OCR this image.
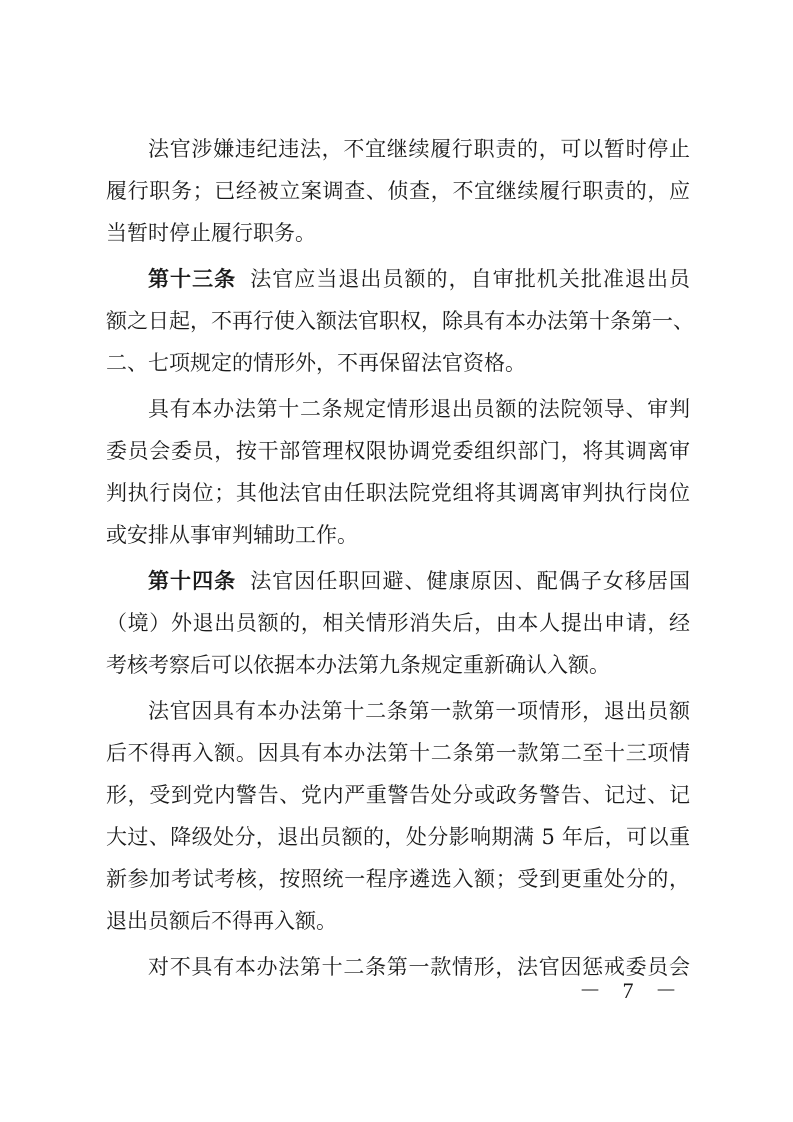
法官涉嫌违纪违法，不宜继续履行职责的，可以暂时停止
履行职务；已经被立案调查、侦查，不宜继续履行职责的，应
当暂时停止履行职务。
第十三条 法官应当退出员额的，自审批机关批准退出员
额之日起，不再行使入额法官职权，除具有本办法第十条第一、
二、七项规定的情形外，不再保留法官资格。
具有本办法第十二条规定情形退出员额的法院领导、审判
委员会委员，按干部管理权限协调党委组织部门，将其调离审
判执行岗位；其他法官由任职法院党组将其调离审判执行岗位
或安排从事审判辅助工作。
第十四条 法官因任职回避、健康原因、配偶子女移居国
（境）外退出员额的，相关情形消失后，由本人提出申请，经
考核考察后可以依据本办法第九条规定重新确认入额。
法官因具有本办法第十二条第一款第一项情形，退出员额
后不得再入额。因具有本办法第十二条第一款第二至十三项情
形，受到党内警告、党内严重警告处分或政务警告、记过、记
大过、降级处分，退出员额的，处分影响期满 5 年后，可以重
新参加考试考核，按照统一程序遴选入额；受到更重处分的，
退出员额后不得再入额。
对不具有本办法第十二条第一款情形，法官因惩戒委员会
－ 7 －
